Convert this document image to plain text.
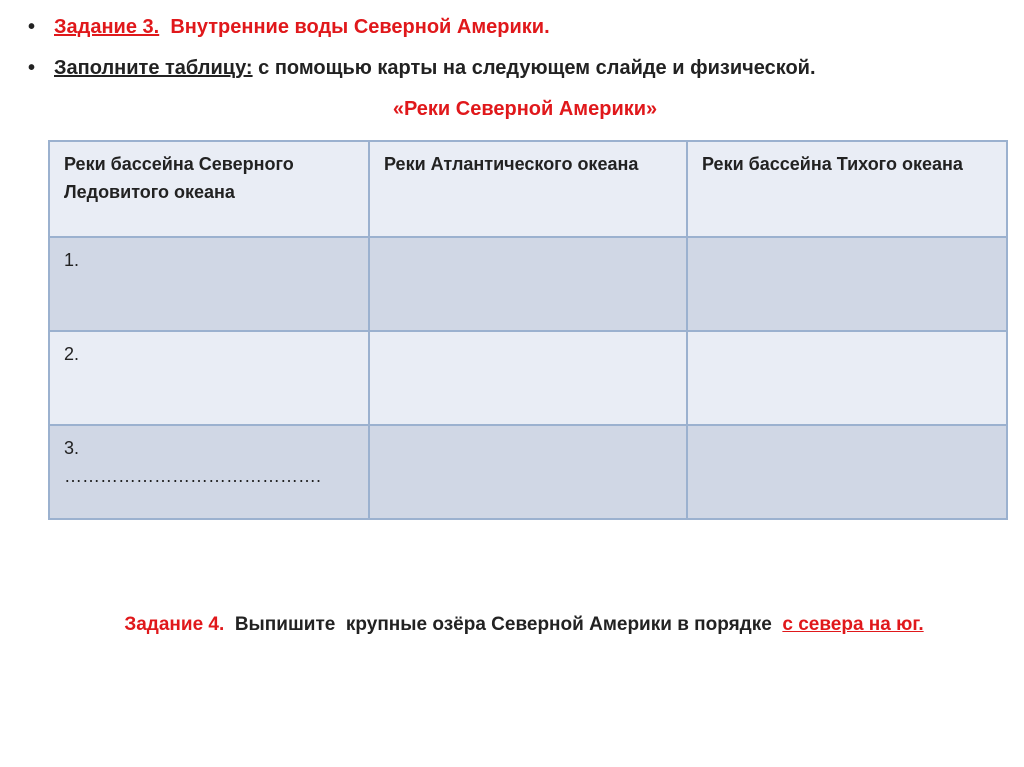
• Задание 3. Внутренние воды Северной Америки.
• Заполните таблицу: с помощью карты на следующем слайде и физической.
«Реки Северной Америки»
Реки бассейна Северного Ледовитого океана	Реки Атлантического океана	Реки бассейна Тихого океана
1.		
2.		
3.
…………………………………….		

Задание 4.  Выпишите  крупные озёра Северной Америки в порядке  с севера на юг.
